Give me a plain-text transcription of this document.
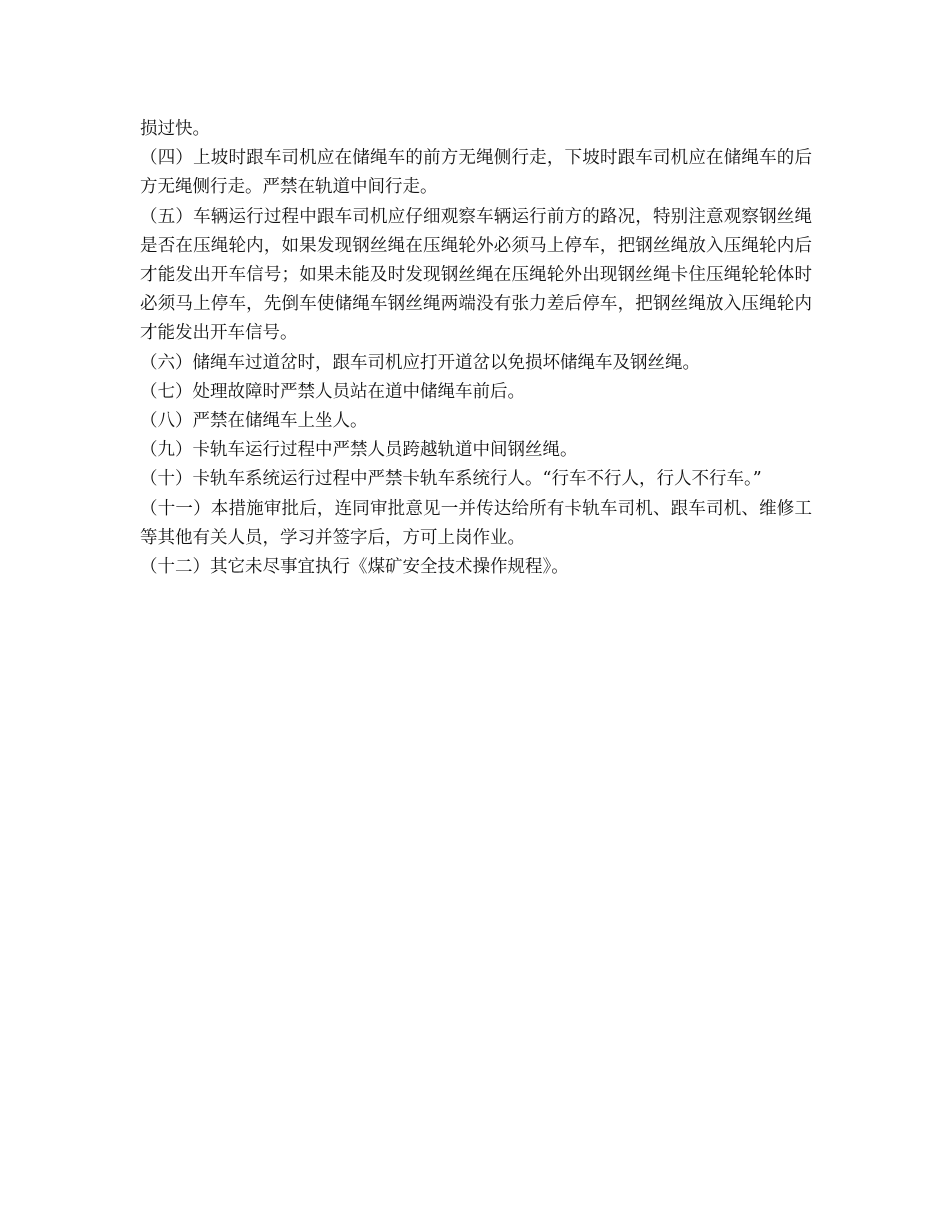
损过快。

（四）上坡时跟车司机应在储绳车的前方无绳侧行走，下坡时跟车司机应在储绳车的后方无绳侧行走。严禁在轨道中间行走。

（五）车辆运行过程中跟车司机应仔细观察车辆运行前方的路况，特别注意观察钢丝绳是否在压绳轮内，如果发现钢丝绳在压绳轮外必须马上停车，把钢丝绳放入压绳轮内后才能发出开车信号；如果未能及时发现钢丝绳在压绳轮外出现钢丝绳卡住压绳轮轮体时必须马上停车，先倒车使储绳车钢丝绳两端没有张力差后停车，把钢丝绳放入压绳轮内才能发出开车信号。

（六）储绳车过道岔时，跟车司机应打开道岔以免损坏储绳车及钢丝绳。

（七）处理故障时严禁人员站在道中储绳车前后。

（八）严禁在储绳车上坐人。

（九）卡轨车运行过程中严禁人员跨越轨道中间钢丝绳。

（十）卡轨车系统运行过程中严禁卡轨车系统行人。“行车不行人，行人不行车。”

（十一）本措施审批后，连同审批意见一并传达给所有卡轨车司机、跟车司机、维修工等其他有关人员，学习并签字后，方可上岗作业。

（十二）其它未尽事宜执行《煤矿安全技术操作规程》。
